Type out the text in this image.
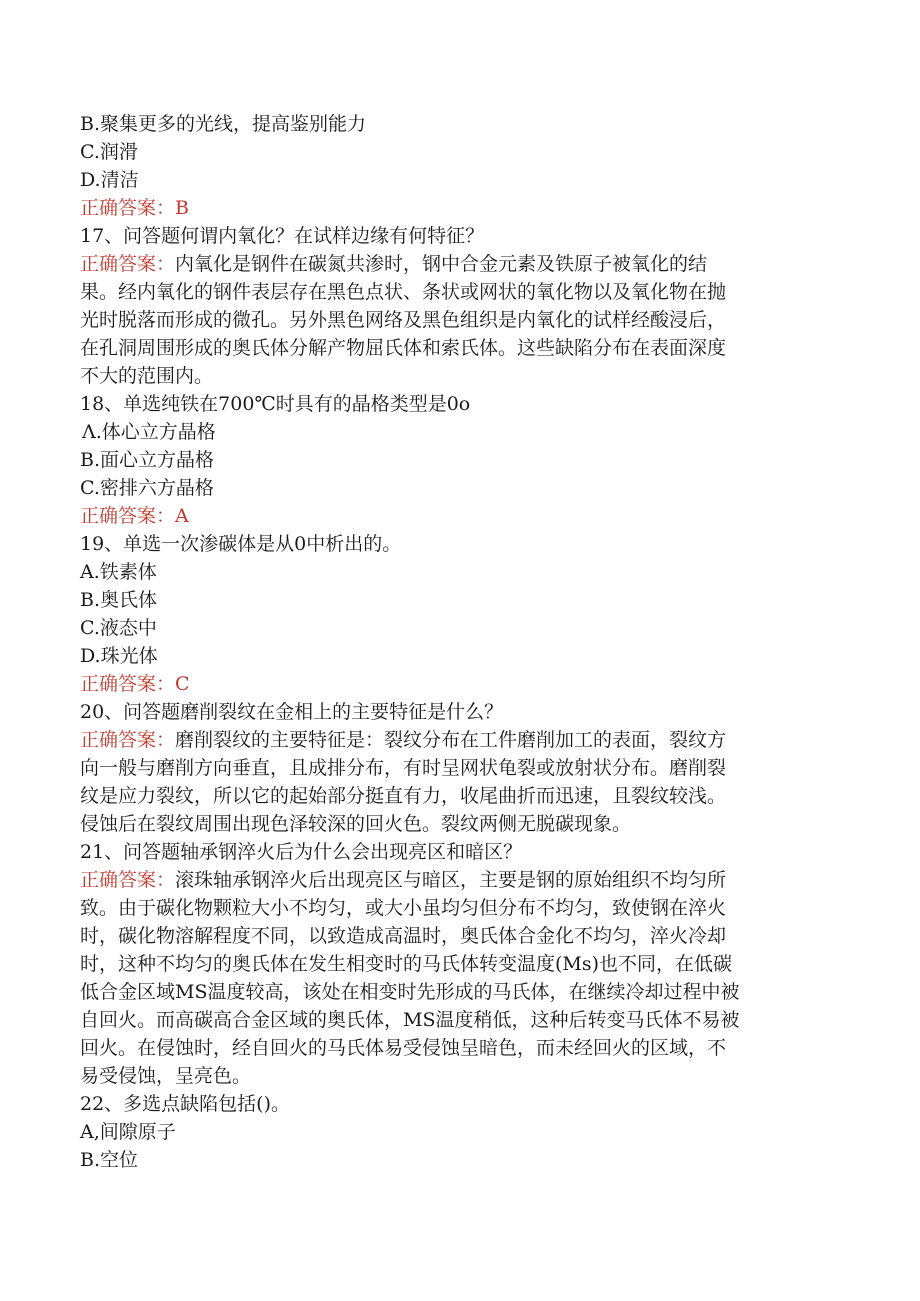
B.聚集更多的光线，提高鉴别能力
C.润滑
D.清洁
正确答案：B
17、问答题何谓内氧化？在试样边缘有何特征？
正确答案：内氧化是钢件在碳氮共渗时，钢中合金元素及铁原子被氧化的结
果。经内氧化的钢件表层存在黑色点状、条状或网状的氧化物以及氧化物在抛
光时脱落而形成的微孔。另外黑色网络及黑色组织是内氧化的试样经酸浸后，
在孔洞周围形成的奥氏体分解产物屈氏体和索氏体。这些缺陷分布在表面深度
不大的范围内。
18、单选纯铁在700℃时具有的晶格类型是0o
Λ.体心立方晶格
B.面心立方晶格
C.密排六方晶格
正确答案：A
19、单选一次渗碳体是从0中析出的。
A.铁素体
B.奥氏体
C.液态中
D.珠光体
正确答案：C
20、问答题磨削裂纹在金相上的主要特征是什么？
正确答案：磨削裂纹的主要特征是：裂纹分布在工件磨削加工的表面，裂纹方
向一般与磨削方向垂直，且成排分布，有时呈网状龟裂或放射状分布。磨削裂
纹是应力裂纹，所以它的起始部分挺直有力，收尾曲折而迅速，且裂纹较浅。
侵蚀后在裂纹周围出现色泽较深的回火色。裂纹两侧无脱碳现象。
21、问答题轴承钢淬火后为什么会出现亮区和暗区？
正确答案：滚珠轴承钢淬火后出现亮区与暗区，主要是钢的原始组织不均匀所
致。由于碳化物颗粒大小不均匀，或大小虽均匀但分布不均匀，致使钢在淬火
时，碳化物溶解程度不同，以致造成高温时，奥氏体合金化不均匀，淬火冷却
时，这种不均匀的奥氏体在发生相变时的马氏体转变温度(Ms)也不同，在低碳
低合金区域MS温度较高，该处在相变时先形成的马氏体，在继续冷却过程中被
自回火。而高碳高合金区域的奥氏体，MS温度稍低，这种后转变马氏体不易被
回火。在侵蚀时，经自回火的马氏体易受侵蚀呈暗色，而未经回火的区域，不
易受侵蚀，呈亮色。
22、多选点缺陷包括()。
A,间隙原子
B.空位
